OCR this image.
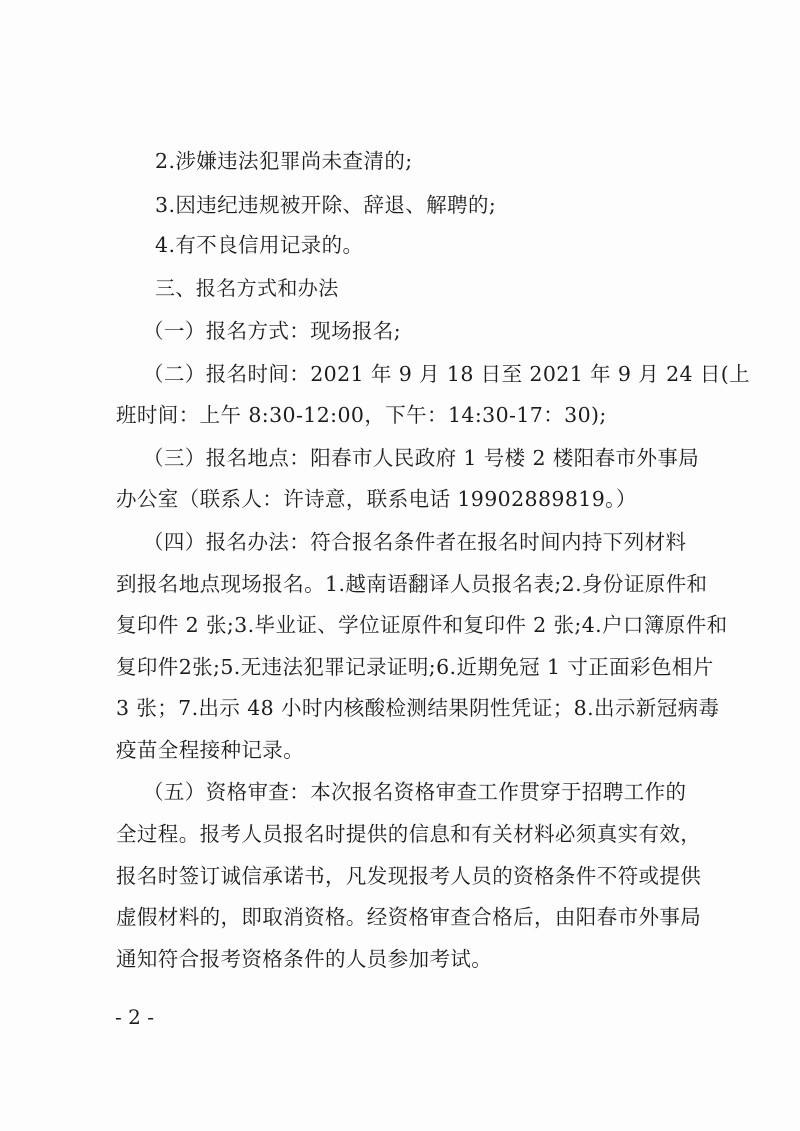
2.涉嫌违法犯罪尚未查清的;
3.因违纪违规被开除、辞退、解聘的;
4.有不良信用记录的。
三、报名方式和办法
（一）报名方式：现场报名;
（二）报名时间：2021 年 9 月 18 日至 2021 年 9 月 24 日(上
班时间：上午 8:30-12:00，下午：14:30-17：30);
（三）报名地点：阳春市人民政府 1 号楼 2 楼阳春市外事局
办公室（联系人：许诗意，联系电话 19902889819。）
（四）报名办法：符合报名条件者在报名时间内持下列材料
到报名地点现场报名。1.越南语翻译人员报名表;2.身份证原件和
复印件 2 张;3.毕业证、学位证原件和复印件 2 张;4.户口簿原件和
复印件2张;5.无违法犯罪记录证明;6.近期免冠 1 寸正面彩色相片
3 张；7.出示 48 小时内核酸检测结果阴性凭证；8.出示新冠病毒
疫苗全程接种记录。
（五）资格审查：本次报名资格审查工作贯穿于招聘工作的
全过程。报考人员报名时提供的信息和有关材料必须真实有效，
报名时签订诚信承诺书，凡发现报考人员的资格条件不符或提供
虚假材料的，即取消资格。经资格审查合格后，由阳春市外事局
通知符合报考资格条件的人员参加考试。
- 2 -
